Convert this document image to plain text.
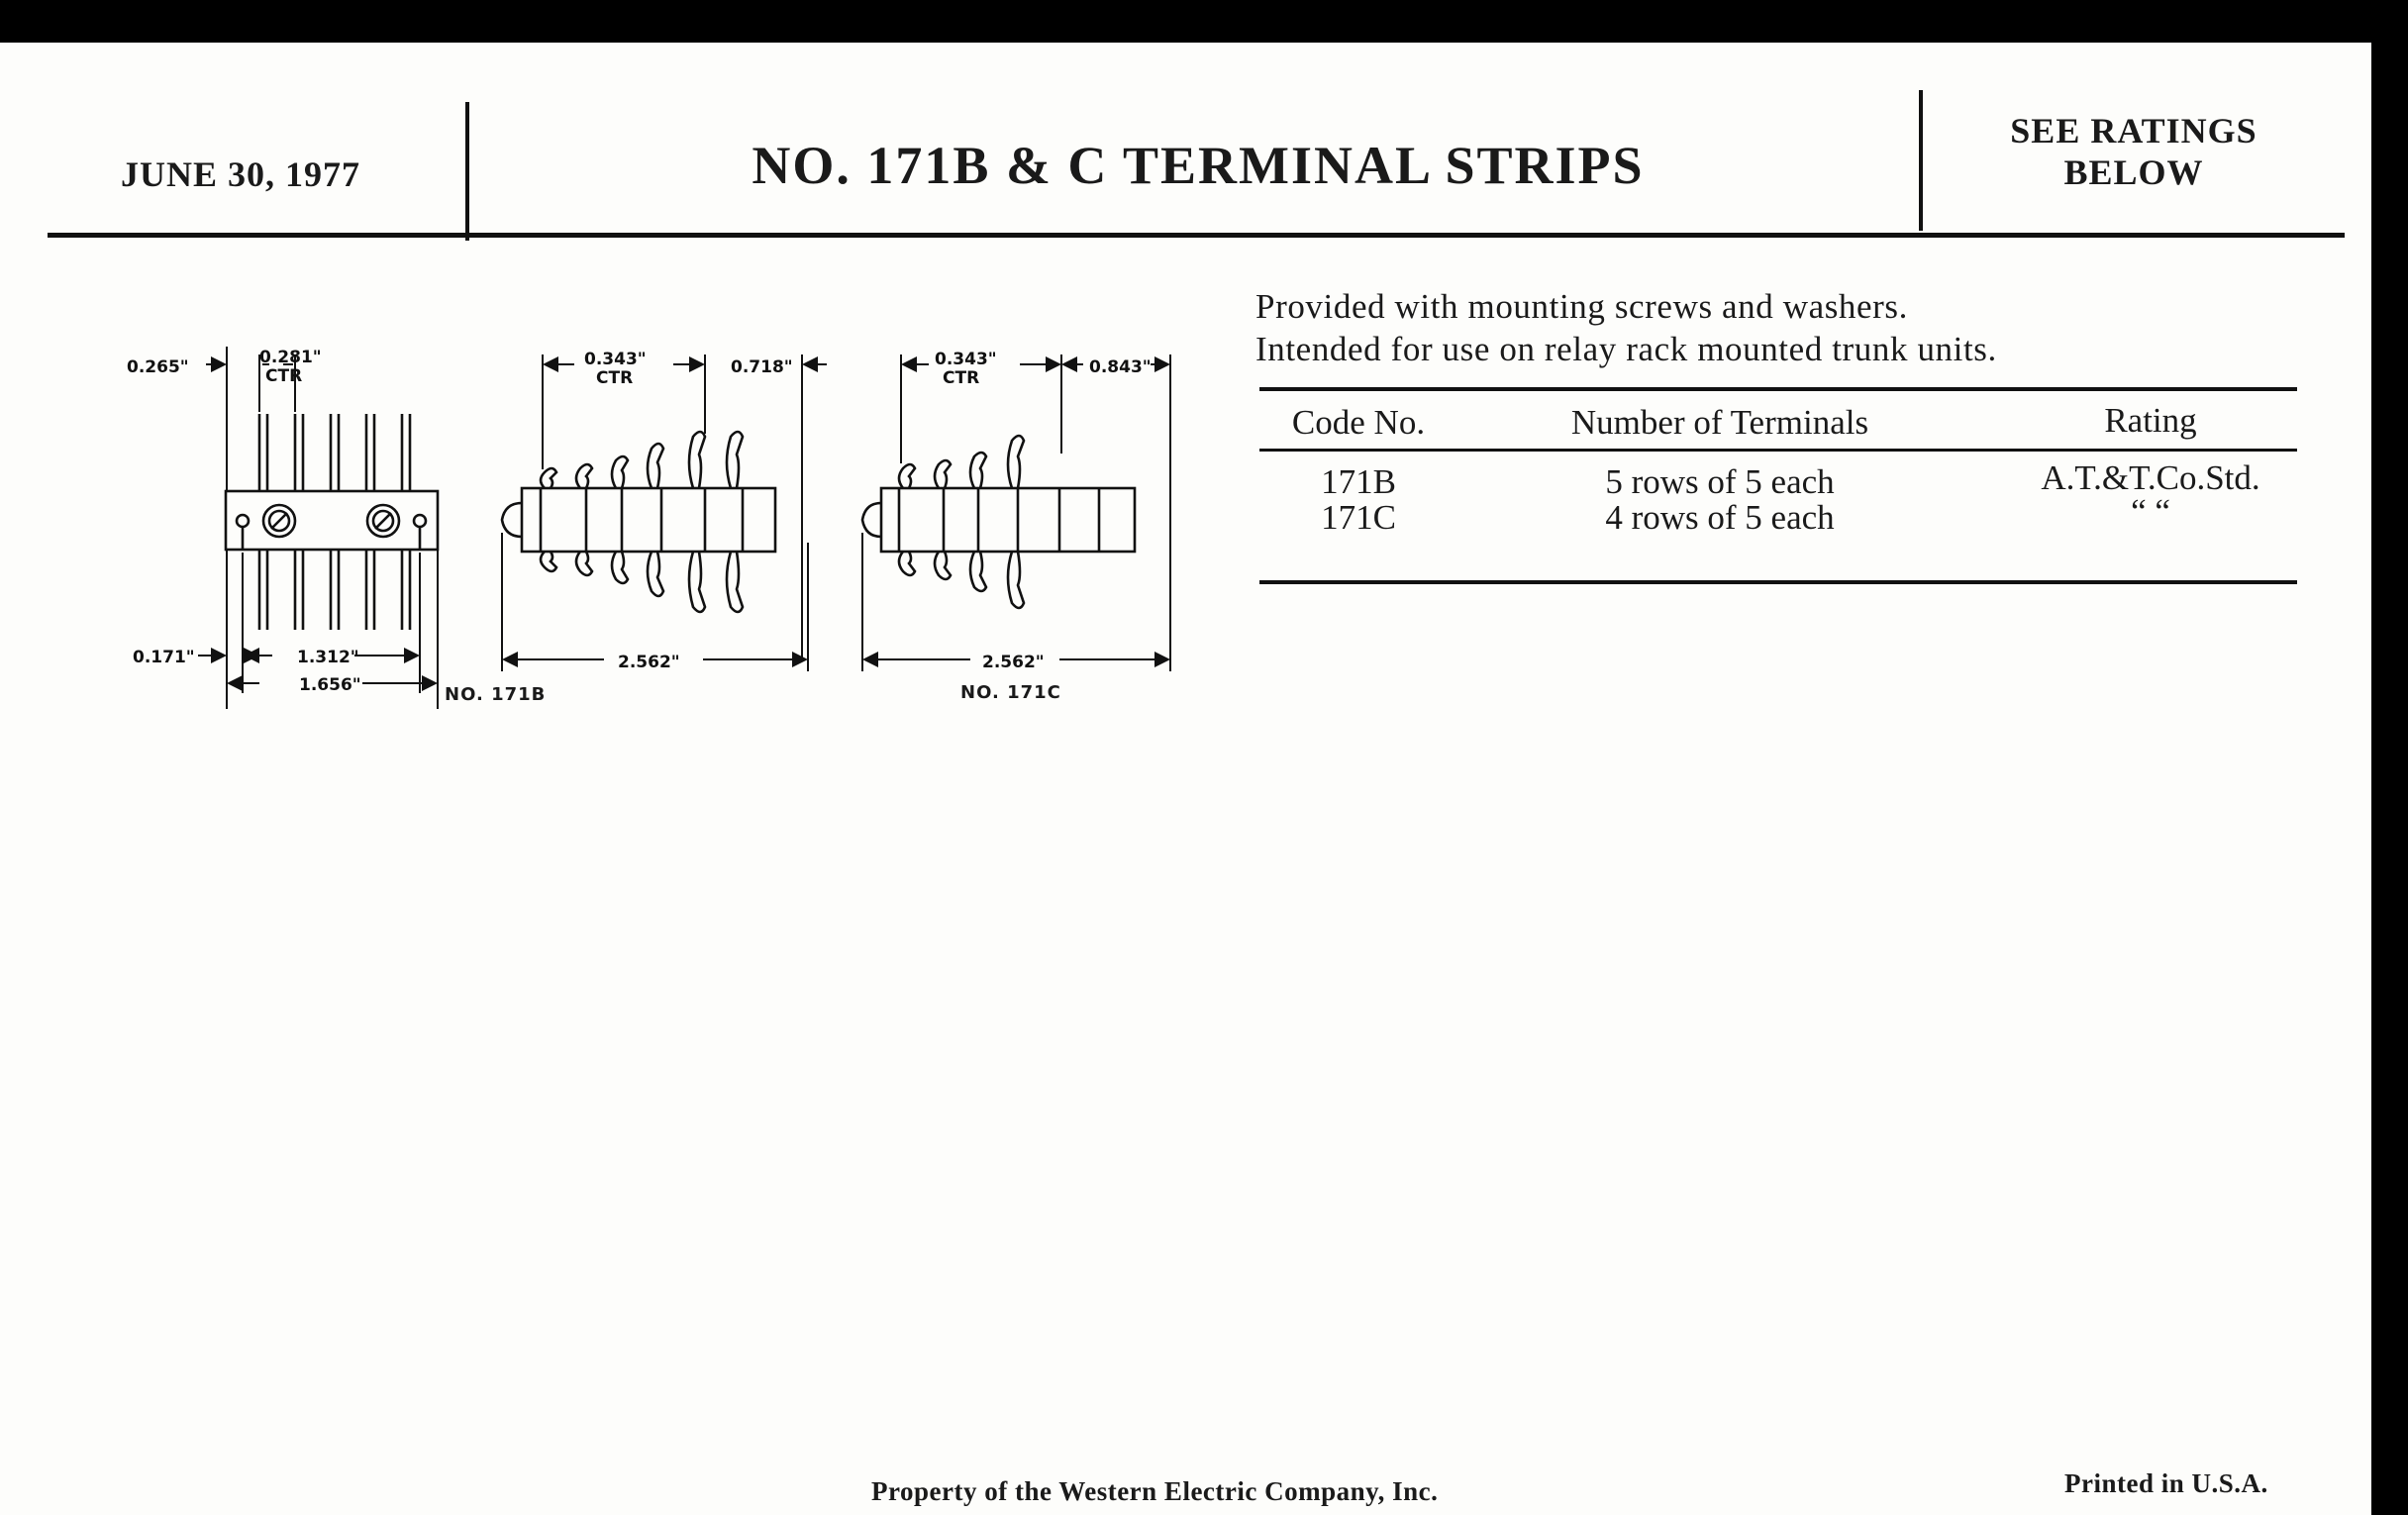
JUNE 30, 1977	NO. 171B & C TERMINAL STRIPS
SEE RATINGS
BELOW
Provided with mounting screws and washers.
Intended for use on relay rack mounted trunk units.
Code No.	Number of Terminals	Rating
171B	5 rows of 5 each	A.T.&T.Co.Std.
171C	4 rows of 5 each	“ “
0.265"	0.281"
CTR
0.171"	1.312"
1.656"
0.343"
CTR
0.718"
2.562"
0.343"
CTR
0.843"
2.562"
NO. 171B	NO. 171C
Property of the Western Electric Company, Inc.	Printed in U.S.A.
